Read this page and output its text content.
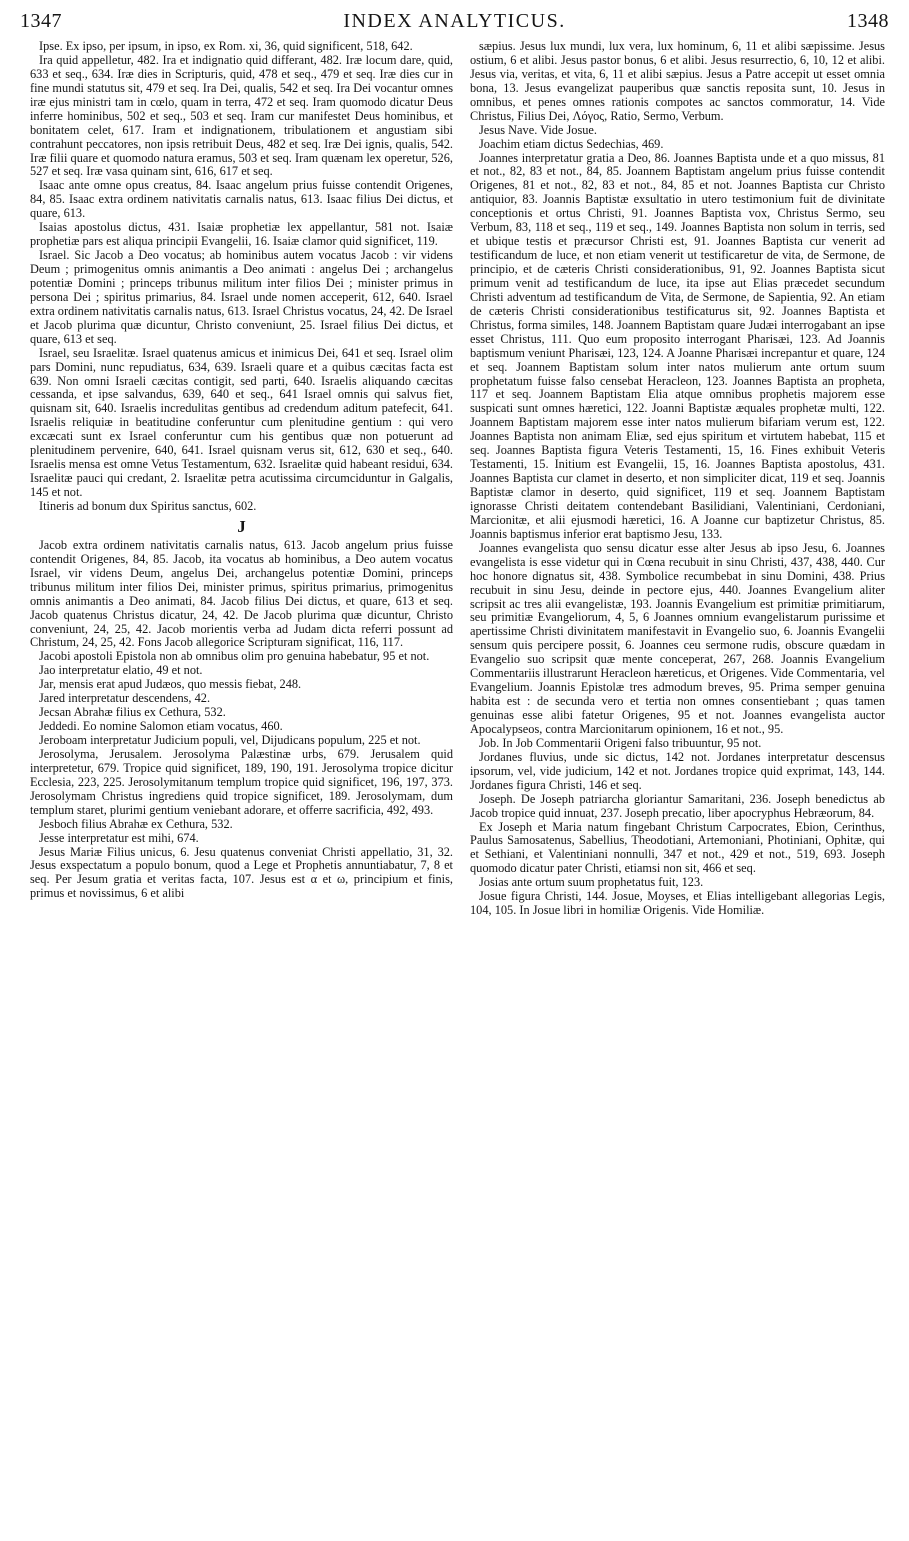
1347	INDEX ANALYTICUS.	1348

Ipse. Ex ipso, per ipsum, in ipso, ex Rom. xi, 36, quid significent, 518, 642.

Ira quid appelletur, 482. Ira et indignatio quid differant, 482. Iræ locum dare, quid, 633 et seq., 634. Iræ dies in Scripturis, quid, 478 et seq., 479 et seq. Iræ dies cur in fine mundi statutus sit, 479 et seq. Ira Dei, qualis, 542 et seq. Ira Dei vocantur omnes iræ ejus ministri tam in cœlo, quam in terra, 472 et seq. Iram quomodo dicatur Deus inferre hominibus, 502 et seq., 503 et seq. Iram cur manifestet Deus hominibus, et bonitatem celet, 617. Iram et indignationem, tribulationem et angustiam sibi contrahunt peccatores, non ipsis retribuit Deus, 482 et seq. Iræ Dei ignis, qualis, 542. Iræ filii quare et quomodo natura eramus, 503 et seq. Iram quænam lex operetur, 526, 527 et seq. Iræ vasa quinam sint, 616, 617 et seq.

Isaac ante omne opus creatus, 84. Isaac angelum prius fuisse contendit Origenes, 84, 85. Isaac extra ordinem nativitatis carnalis natus, 613. Isaac filius Dei dictus, et quare, 613.

Isaias apostolus dictus, 431. Isaiæ prophetiæ lex appellantur, 581 not. Isaiæ prophetiæ pars est aliqua principii Evangelii, 16. Isaiæ clamor quid significet, 119.

Israel. Sic Jacob a Deo vocatus; ab hominibus autem vocatus Jacob : vir videns Deum ; primogenitus omnis animantis a Deo animati : angelus Dei ; archangelus potentiæ Domini ; princeps tribunus militum inter filios Dei ; minister primus in persona Dei ; spiritus primarius, 84. Israel unde nomen acceperit, 612, 640. Israel extra ordinem nativitatis carnalis natus, 613. Israel Christus vocatus, 24, 42. De Israel et Jacob plurima quæ dicuntur, Christo conveniunt, 25. Israel filius Dei dictus, et quare, 613 et seq.

Israel, seu Israelitæ. Israel quatenus amicus et inimicus Dei, 641 et seq. Israel olim pars Domini, nunc repudiatus, 634, 639. Israeli quare et a quibus cæcitas facta est 639. Non omni Israeli cæcitas contigit, sed parti, 640. Israelis aliquando cæcitas cessanda, et ipse salvandus, 639, 640 et seq., 641 Israel omnis qui salvus fiet, quisnam sit, 640. Israelis incredulitas gentibus ad credendum aditum patefecit, 641. Israelis reliquiæ in beatitudine conferuntur cum plenitudine gentium : qui vero excæcati sunt ex Israel conferuntur cum his gentibus quæ non potuerunt ad plenitudinem pervenire, 640, 641. Israel quisnam verus sit, 612, 630 et seq., 640. Israelis mensa est omne Vetus Testamentum, 632. Israelitæ quid habeant residui, 634. Israelitæ pauci qui credant, 2. Israelitæ petra acutissima circumciduntur in Galgalis, 145 et not.

Itineris ad bonum dux Spiritus sanctus, 602.

J

Jacob extra ordinem nativitatis carnalis natus, 613. Jacob angelum prius fuisse contendit Origenes, 84, 85. Jacob, ita vocatus ab hominibus, a Deo autem vocatus Israel, vir videns Deum, angelus Dei, archangelus potentiæ Domini, princeps tribunus militum inter filios Dei, minister primus, spiritus primarius, primogenitus omnis animantis a Deo animati, 84. Jacob filius Dei dictus, et quare, 613 et seq. Jacob quatenus Christus dicatur, 24, 42. De Jacob plurima quæ dicuntur, Christo conveniunt, 24, 25, 42. Jacob morientis verba ad Judam dicta referri possunt ad Christum, 24, 25, 42. Fons Jacob allegorice Scripturam significat, 116, 117.

Jacobi apostoli Epistola non ab omnibus olim pro genuina habebatur, 95 et not.

Jao interpretatur elatio, 49 et not.

Jar, mensis erat apud Judæos, quo messis fiebat, 248.

Jared interpretatur descendens, 42.

Jecsan Abrahæ filius ex Cethura, 532.

Jeddedi. Eo nomine Salomon etiam vocatus, 460.

Jeroboam interpretatur Judicium populi, vel, Dijudicans populum, 225 et not.

Jerosolyma, Jerusalem. Jerosolyma Palæstinæ urbs, 679. Jerusalem quid interpretetur, 679. Tropice quid significet, 189, 190, 191. Jerosolyma tropice dicitur Ecclesia, 223, 225. Jerosolymitanum templum tropice quid significet, 196, 197, 373. Jerosolymam Christus ingrediens quid tropice significet, 189. Jerosolymam, dum templum staret, plurimi gentium veniebant adorare, et offerre sacrificia, 492, 493.

Jesboch filius Abrahæ ex Cethura, 532.

Jesse interpretatur est mihi, 674.

Jesus Mariæ Filius unicus, 6. Jesu quatenus conveniat Christi appellatio, 31, 32. Jesus exspectatum a populo bonum, quod a Lege et Prophetis annuntiabatur, 7, 8 et seq. Per Jesum gratia et veritas facta, 107. Jesus est α et ω, principium et finis, primus et novissimus, 6 et alibi

sæpius. Jesus lux mundi, lux vera, lux hominum, 6, 11 et alibi sæpissime. Jesus ostium, 6 et alibi. Jesus pastor bonus, 6 et alibi. Jesus resurrectio, 6, 10, 12 et alibi. Jesus via, veritas, et vita, 6, 11 et alibi sæpius. Jesus a Patre accepit ut esset omnia bona, 13. Jesus evangelizat pauperibus quæ sanctis reposita sunt, 10. Jesus in omnibus, et penes omnes rationis compotes ac sanctos commoratur, 14. Vide Christus, Filius Dei, Λόγος, Ratio, Sermo, Verbum.

Jesus Nave. Vide Josue.

Joachim etiam dictus Sedechias, 469.

Joannes interpretatur gratia a Deo, 86. Joannes Baptista unde et a quo missus, 81 et not., 82, 83 et not., 84, 85. Joannem Baptistam angelum prius fuisse contendit Origenes, 81 et not., 82, 83 et not., 84, 85 et not. Joannes Baptista cur Christo antiquior, 83. Joannis Baptistæ exsultatio in utero testimonium fuit de divinitate conceptionis et ortus Christi, 91. Joannes Baptista vox, Christus Sermo, seu Verbum, 83, 118 et seq., 119 et seq., 149. Joannes Baptista non solum in terris, sed et ubique testis et præcursor Christi est, 91. Joannes Baptista cur venerit ad testificandum de luce, et non etiam venerit ut testificaretur de vita, de Sermone, de principio, et de cæteris Christi considerationibus, 91, 92. Joannes Baptista sicut primum venit ad testificandum de luce, ita ipse aut Elias præcedet secundum Christi adventum ad testificandum de Vita, de Sermone, de Sapientia, 92. An etiam de cæteris Christi considerationibus testificaturus sit, 92. Joannes Baptista et Christus, forma similes, 148. Joannem Baptistam quare Judæi interrogabant an ipse esset Christus, 111. Quo eum proposito interrogant Pharisæi, 123. Ad Joannis baptismum veniunt Pharisæi, 123, 124. A Joanne Pharisæi increpantur et quare, 124 et seq. Joannem Baptistam solum inter natos mulierum ante ortum suum prophetatum fuisse falso censebat Heracleon, 123. Joannes Baptista an propheta, 117 et seq. Joannem Baptistam Elia atque omnibus prophetis majorem esse suspicati sunt omnes hæretici, 122. Joanni Baptistæ æquales prophetæ multi, 122. Joannem Baptistam majorem esse inter natos mulierum bifariam verum est, 122. Joannes Baptista non animam Eliæ, sed ejus spiritum et virtutem habebat, 115 et seq. Joannes Baptista figura Veteris Testamenti, 15, 16. Fines exhibuit Veteris Testamenti, 15. Initium est Evangelii, 15, 16. Joannes Baptista apostolus, 431. Joannes Baptista cur clamet in deserto, et non simpliciter dicat, 119 et seq. Joannis Baptistæ clamor in deserto, quid significet, 119 et seq. Joannem Baptistam ignorasse Christi deitatem contendebant Basilidiani, Valentiniani, Cerdoniani, Marcionitæ, et alii ejusmodi hæretici, 16. A Joanne cur baptizetur Christus, 85. Joannis baptismus inferior erat baptismo Jesu, 133.

Joannes evangelista quo sensu dicatur esse alter Jesus ab ipso Jesu, 6. Joannes evangelista is esse videtur qui in Cœna recubuit in sinu Christi, 437, 438, 440. Cur hoc honore dignatus sit, 438. Symbolice recumbebat in sinu Domini, 438. Prius recubuit in sinu Jesu, deinde in pectore ejus, 440. Joannes Evangelium aliter scripsit ac tres alii evangelistæ, 193. Joannis Evangelium est primitiæ primitiarum, seu primitiæ Evangeliorum, 4, 5, 6 Joannes omnium evangelistarum purissime et apertissime Christi divinitatem manifestavit in Evangelio suo, 6. Joannis Evangelii sensum quis percipere possit, 6. Joannes ceu sermone rudis, obscure quædam in Evangelio suo scripsit quæ mente conceperat, 267, 268. Joannis Evangelium Commentariis illustrarunt Heracleon hæreticus, et Origenes. Vide Commentaria, vel Evangelium. Joannis Epistolæ tres admodum breves, 95. Prima semper genuina habita est : de secunda vero et tertia non omnes consentiebant ; quas tamen genuinas esse alibi fatetur Origenes, 95 et not. Joannes evangelista auctor Apocalypseos, contra Marcionitarum opinionem, 16 et not., 95.

Job. In Job Commentarii Origeni falso tribuuntur, 95 not.

Jordanes fluvius, unde sic dictus, 142 not. Jordanes interpretatur descensus ipsorum, vel, vide judicium, 142 et not. Jordanes tropice quid exprimat, 143, 144. Jordanes figura Christi, 146 et seq.

Joseph. De Joseph patriarcha gloriantur Samaritani, 236. Joseph benedictus ab Jacob tropice quid innuat, 237. Joseph precatio, liber apocryphus Hebræorum, 84.

Ex Joseph et Maria natum fingebant Christum Carpocrates, Ebion, Cerinthus, Paulus Samosatenus, Sabellius, Theodotiani, Artemoniani, Photiniani, Ophitæ, qui et Sethiani, et Valentiniani nonnulli, 347 et not., 429 et not., 519, 693. Joseph quomodo dicatur pater Christi, etiamsi non sit, 466 et seq.

Josias ante ortum suum prophetatus fuit, 123.

Josue figura Christi, 144. Josue, Moyses, et Elias intelligebant allegorias Legis, 104, 105. In Josue libri in homiliæ Origenis. Vide Homiliæ.
